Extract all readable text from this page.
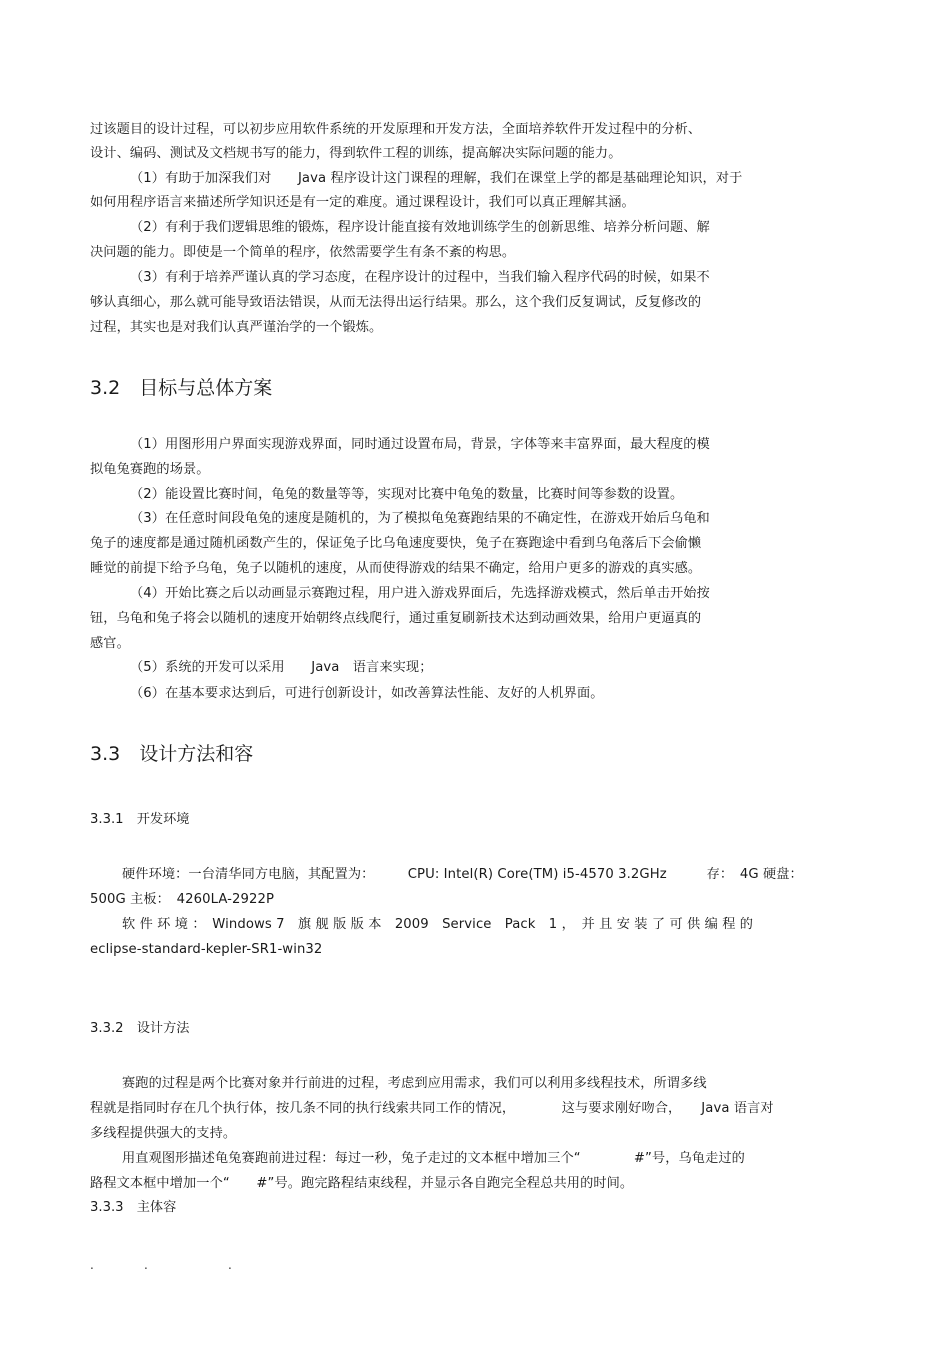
过该题目的设计过程，可以初步应用软件系统的开发原理和开发方法，全面培养软件开发过程中的分析、
设计、编码、测试及文档规书写的能力，得到软件工程的训练，提高解决实际问题的能力。
（1）有助于加深我们对　　Java 程序设计这门课程的理解，我们在课堂上学的都是基础理论知识，对于
如何用程序语言来描述所学知识还是有一定的难度。通过课程设计，我们可以真正理解其涵。
（2）有利于我们逻辑思维的锻炼，程序设计能直接有效地训练学生的创新思维、培养分析问题、解
决问题的能力。即使是一个简单的程序，依然需要学生有条不紊的构思。
（3）有利于培养严谨认真的学习态度，在程序设计的过程中，当我们输入程序代码的时候，如果不
够认真细心，那么就可能导致语法错误，从而无法得出运行结果。那么，这个我们反复调试，反复修改的
过程，其实也是对我们认真严谨治学的一个锻炼。
3.2　目标与总体方案
（1）用图形用户界面实现游戏界面，同时通过设置布局，背景，字体等来丰富界面，最大程度的模
拟龟兔赛跑的场景。
（2）能设置比赛时间，龟兔的数量等等，实现对比赛中龟兔的数量，比赛时间等参数的设置。
（3）在任意时间段龟兔的速度是随机的，为了模拟龟兔赛跑结果的不确定性，在游戏开始后乌龟和
兔子的速度都是通过随机函数产生的，保证兔子比乌龟速度要快，兔子在赛跑途中看到乌龟落后下会偷懒
睡觉的前提下给予乌龟，兔子以随机的速度，从而使得游戏的结果不确定，给用户更多的游戏的真实感。
（4）开始比赛之后以动画显示赛跑过程，用户进入游戏界面后，先选择游戏模式，然后单击开始按
钮，乌龟和兔子将会以随机的速度开始朝终点线爬行，通过重复刷新技术达到动画效果，给用户更逼真的
感官。
（5）系统的开发可以采用　　Java　语言来实现；
（6）在基本要求达到后，可进行创新设计，如改善算法性能、友好的人机界面。
3.3　设计方法和容
3.3.1　开发环境
硬件环境：一台清华同方电脑，其配置为：　　　CPU: Intel(R) Core(TM) i5-4570 3.2GHz　　　存：　4G 硬盘：
500G 主板：　4260LA-2922P
软 件 环 境 ：　Windows 7　旗 舰 版 版 本　2009　Service　Pack　1 ，　并 且 安 装 了 可 供 编 程 的
eclipse-standard-kepler-SR1-win32
3.3.2　设计方法
赛跑的过程是两个比赛对象并行前进的过程，考虑到应用需求，我们可以利用多线程技术，所谓多线
程就是指同时存在几个执行体，按几条不同的执行线索共同工作的情况，　　　　这与要求刚好吻合，　　Java 语言对
多线程提供强大的支持。
用直观图形描述龟兔赛跑前进过程：每过一秒，兔子走过的文本框中增加三个“　　　　#”号，乌龟走过的
路程文本框中增加一个“　　#”号。跑完路程结束线程，并显示各自跑完全程总共用的时间。
3.3.3　主体容
.	.	.
